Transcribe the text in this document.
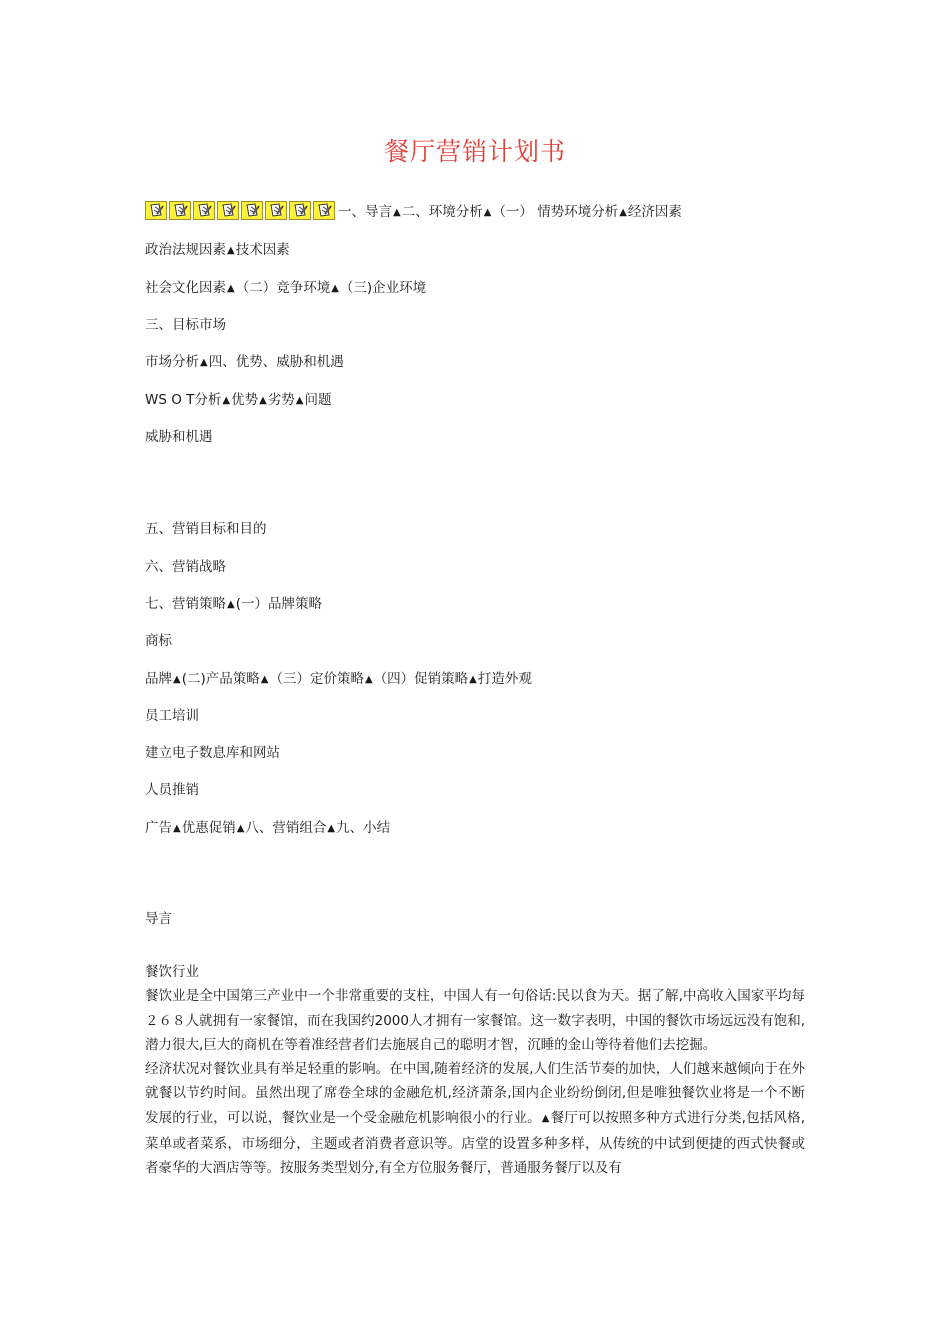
餐厅营销计划书
一、导言▲二、环境分析▲（一） 情势环境分析▲经济因素
政治法规因素▲技术因素
社会文化因素▲（二）竞争环境▲（三)企业环境
三、目标市场
市场分析▲四、优势、威胁和机遇
WS O T分析▲优势▲劣势▲问题
威胁和机遇
五、营销目标和目的
六、营销战略
七、营销策略▲(一）品牌策略
商标
品牌▲(二)产品策略▲（三）定价策略▲（四）促销策略▲打造外观
员工培训
建立电子数息库和网站
人员推销
广告▲优惠促销▲八、营销组合▲九、小结
导言
餐饮行业
餐饮业是全中国第三产业中一个非常重要的支柱，中国人有一句俗话:民以食为天。据了解,中高收入国家平均每２６８人就拥有一家餐馆，而在我国约2000人才拥有一家餐馆。这一数字表明，中国的餐饮市场远远没有饱和,潜力很大,巨大的商机在等着准经营者们去施展自己的聪明才智，沉睡的金山等待着他们去挖掘。
经济状况对餐饮业具有举足轻重的影响。在中国,随着经济的发展,人们生活节奏的加快，人们越来越倾向于在外就餐以节约时间。虽然出现了席卷全球的金融危机,经济萧条,国内企业纷纷倒闭,但是唯独餐饮业将是一个不断发展的行业，可以说，餐饮业是一个受金融危机影响很小的行业。▲餐厅可以按照多种方式进行分类,包括风格,菜单或者菜系，市场细分，主题或者消费者意识等。店堂的设置多种多样，从传统的中试到便捷的西式快餐或者豪华的大酒店等等。按服务类型划分,有全方位服务餐厅，普通服务餐厅以及有
